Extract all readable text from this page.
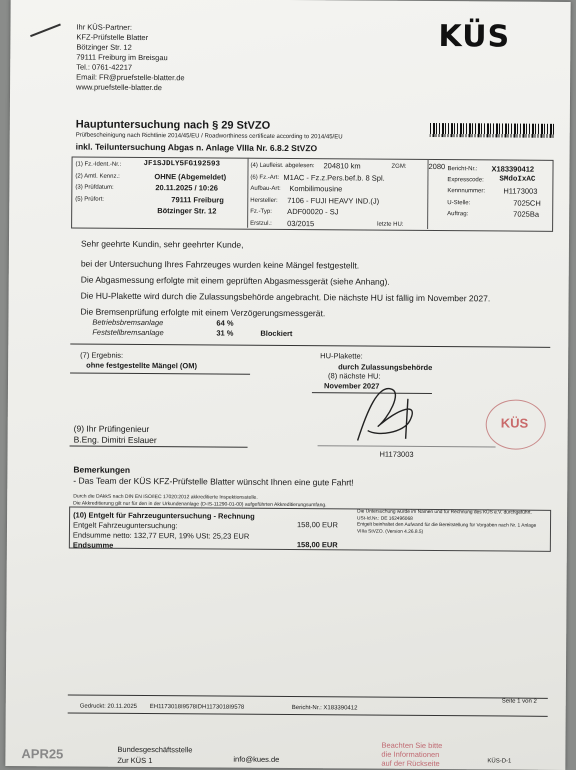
Ihr KÜS-Partner:
KFZ-Prüfstelle Blatter
Bötzinger Str. 12
79111 Freiburg im Breisgau
Tel.: 0761-42217
Email: FR@pruefstelle-blatter.de
www.pruefstelle-blatter.de
KÜS
Hauptuntersuchung nach § 29 StVZO
Prüfbescheinigung nach Richtlinie 2014/45/EU / Roadworthiness certificate according to 2014/45/EU
inkl. Teiluntersuchung Abgas n. Anlage VIIIa Nr. 6.8.2 StVZO
(1) Fz.-Ident.-Nr.:	JF1SJDLY5FG192593
(2) Amtl. Kennz.:	OHNE (Abgemeldet)
(3) Prüfdatum:	20.11.2025 / 10:26
(5) Prüfort:	79111 Freiburg
Bötzinger Str. 12
(4) Laufleist. abgelesen: 204810 km	ZGM:	2080
(6) Fz.-Art: M1AC - Fz.z.Pers.bef.b. 8 Spl.
Aufbau-Art: Kombilimousine
Hersteller: 7106 - FUJI HEAVY IND.(J)
Fz.-Typ: ADF00020 - SJ
Erstzul.: 03/2015	letzte HU:
Bericht-Nr.: X183390412
Expresscode: SMdoIxAC
Kennnummer: H1173003
U-Stelle:	7025CH
Auftrag:	7025Ba
Sehr geehrte Kundin, sehr geehrter Kunde,
bei der Untersuchung Ihres Fahrzeuges wurden keine Mängel festgestellt.
Die Abgasmessung erfolgte mit einem geprüften Abgasmessgerät (siehe Anhang).
Die HU-Plakette wird durch die Zulassungsbehörde angebracht. Die nächste HU ist fällig im November 2027.
Die Bremsenprüfung erfolgte mit einem Verzögerungsmessgerät.
Betriebsbremsanlage	64 %
Feststellbremsanlage	31 %	Blockiert
(7) Ergebnis:
ohne festgestellte Mängel (OM)
HU-Plakette:
durch Zulassungsbehörde
(8) nächste HU:
November 2027
KÜS
(9) Ihr Prüfingenieur
B.Eng. Dimitri Eslauer
H1173003
Bemerkungen
- Das Team der KÜS KFZ-Prüfstelle Blatter wünscht Ihnen eine gute Fahrt!
Durch die DAkkS nach DIN EN ISO/IEC 17020:2012 akkreditierte Inspektionsstelle.
Die Akkreditierung gilt nur für den in der Urkundenanlage (D-IS-11290-01-00) aufgeführten Akkreditierungsumfang.
(10) Entgelt für Fahrzeuguntersuchung - Rechnung
Entgelt Fahrzeuguntersuchung:	158,00 EUR
Endsumme netto: 132,77 EUR, 19% USt: 25,23 EUR
Endsumme	158,00 EUR
Die Untersuchung wurde im Namen und für Rechnung des KÜS e.V. durchgeführt.
USt-Id.Nr.: DE 162496068
Entgelt beinhaltet den Aufwand für die Bereitstellung für Vorgaben nach Nr. 1 Anlage
VIIIa StVZO. (Version 4.26.8.5)
Gedruckt: 20.11.2025 EH1173018I9578IDH1173018I9578	Bericht-Nr.: X183390412
Seite 1 von 2
APR25	Bundesgeschäftsstelle
Zur KÜS 1	info@kues.de
Beachten Sie bitte
die Informationen
auf der Rückseite	KÜS-D-1
